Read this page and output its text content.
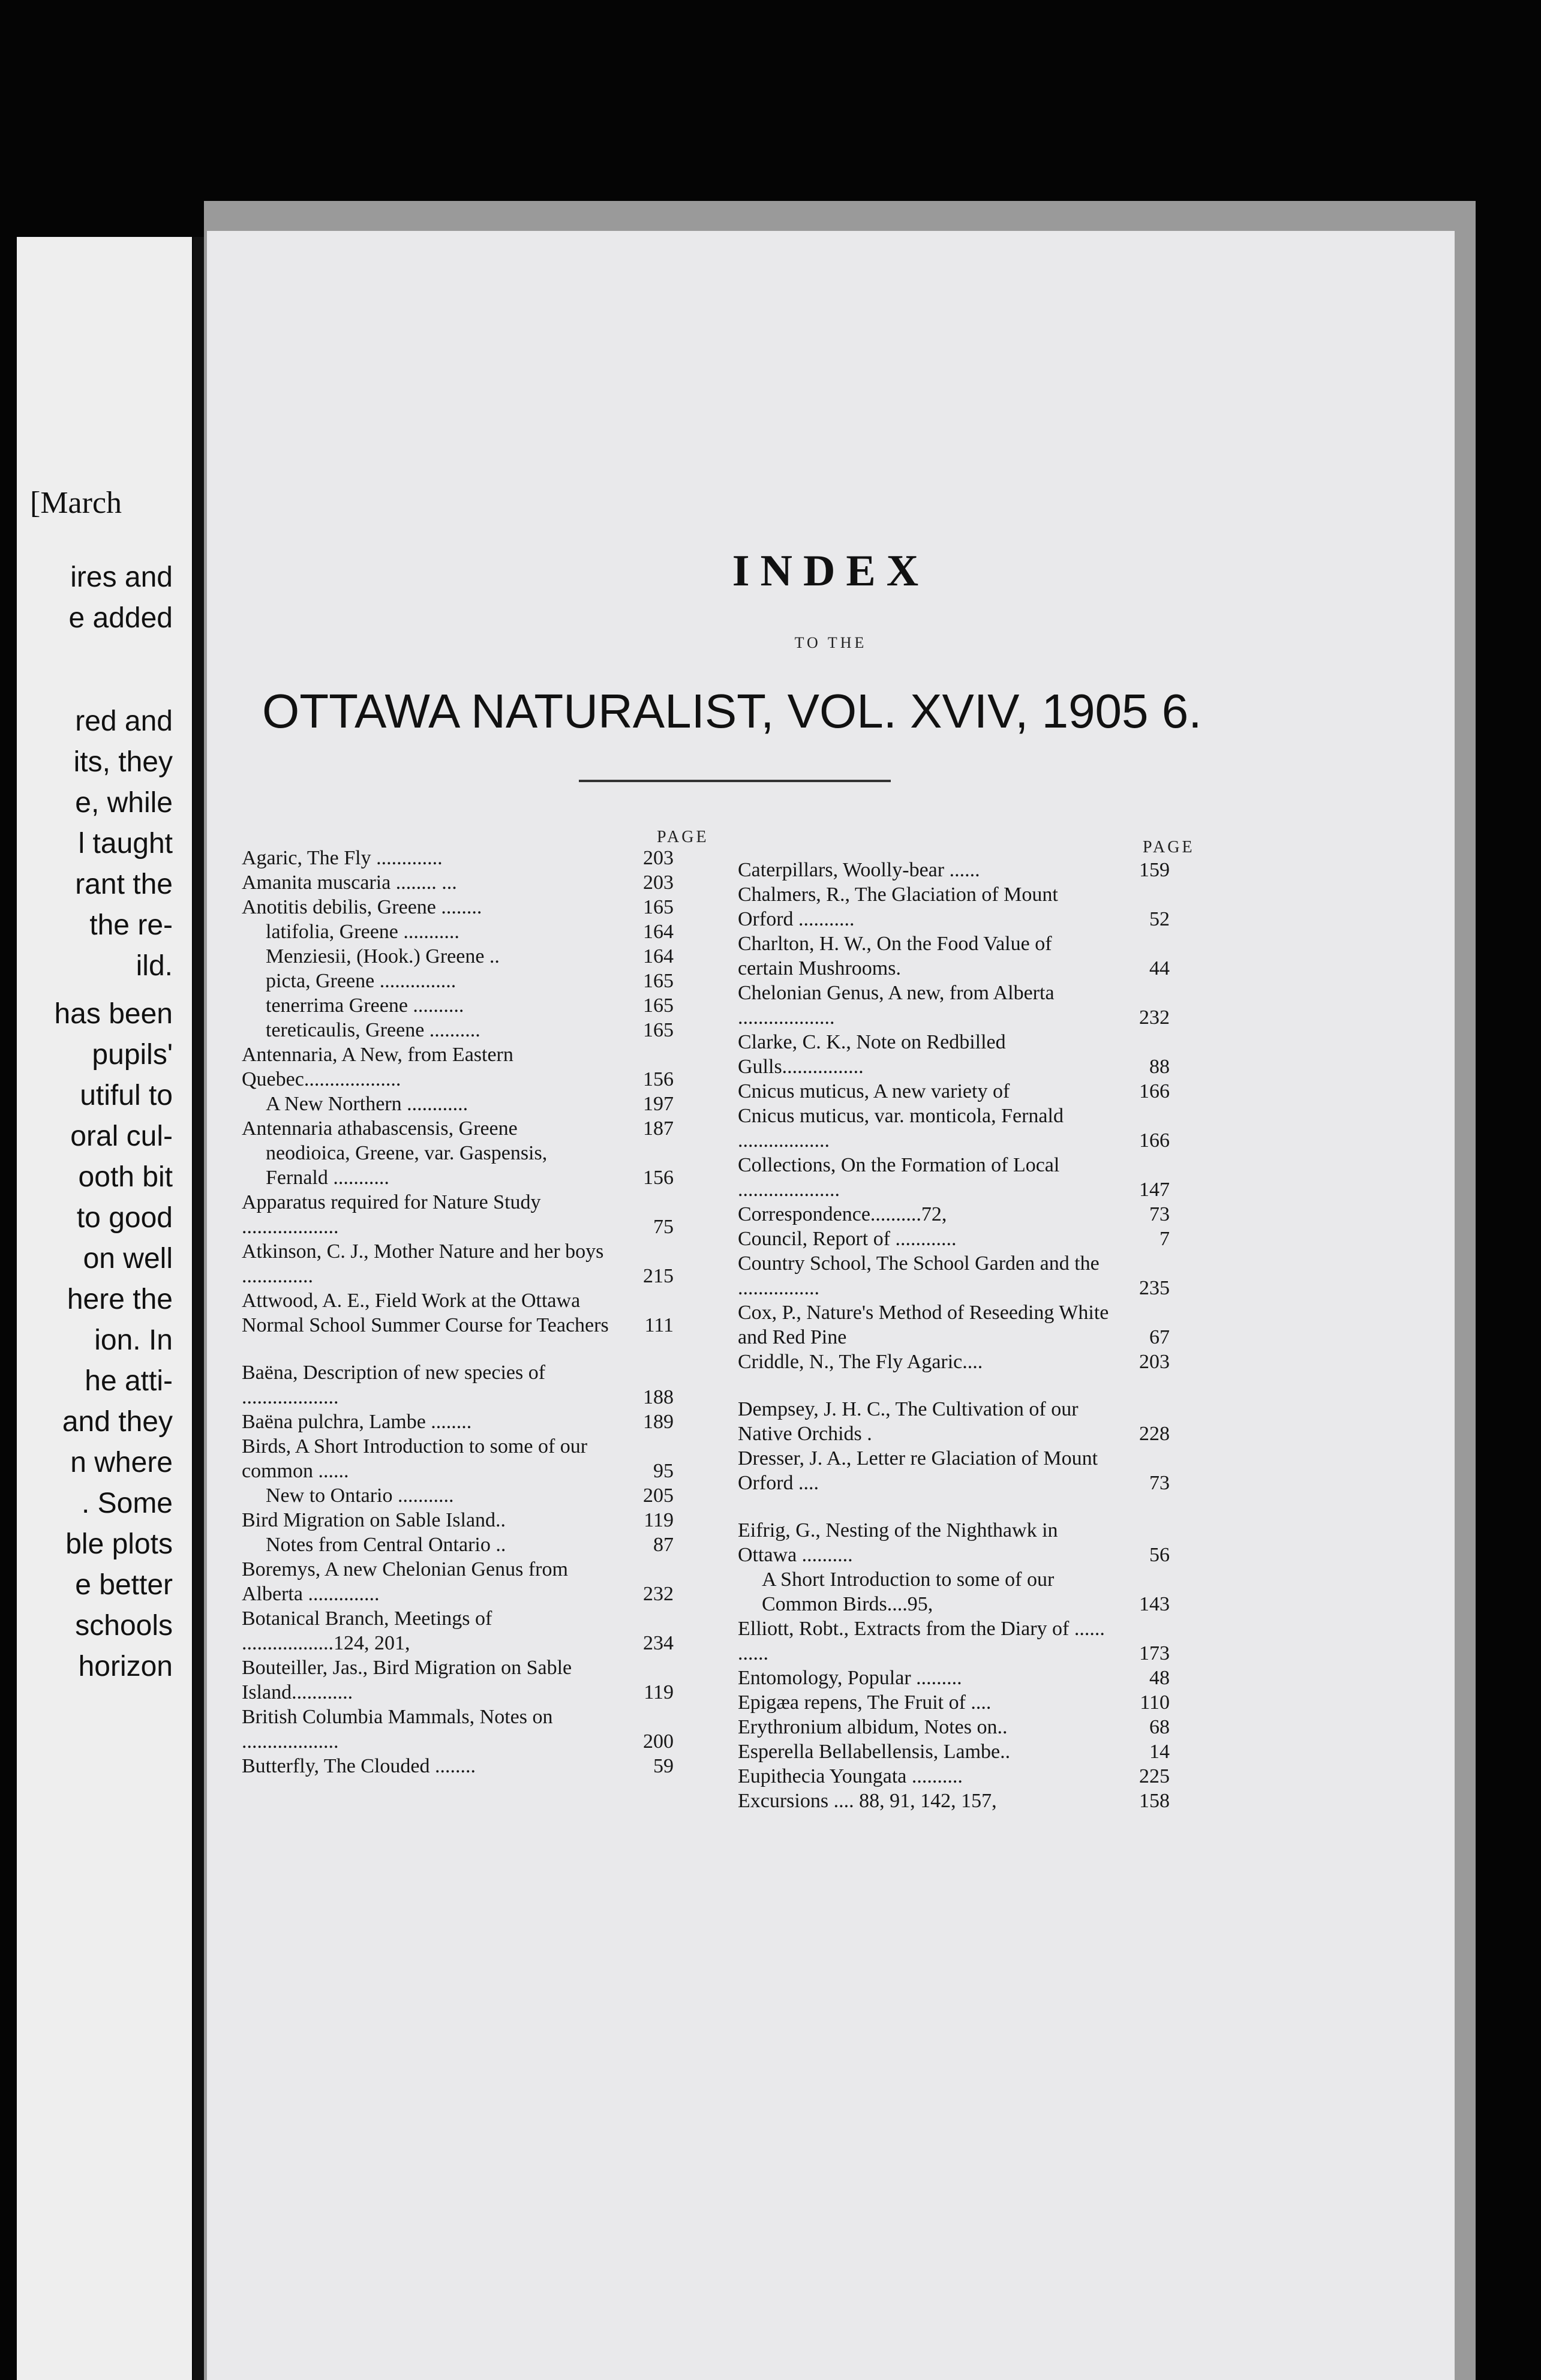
[March
ires and
e added
red and
its, they
e, while
l taught
rant the
the re-
ild.
has been
pupils'
utiful to
oral cul-
ooth bit
to good
on well
here the
ion. In
he atti-
and they
n where
. Some
ble plots
e better
schools
horizon
INDEX
TO THE
OTTAWA NATURALIST, VOL. XVIV, 1905 6.
PAGE
PAGE
Agaric, The Fly .............	203
Amanita muscaria ........ ...	203
Anotitis debilis, Greene ........	165
latifolia, Greene ...........	164
Menziesii, (Hook.) Greene ..	164
picta, Greene ...............	165
tenerrima Greene ..........	165
tereticaulis, Greene ..........	165
Antennaria, A New, from Eastern Quebec...................	156
A New Northern ............	197
Antennaria athabascensis, Greene	187
neodioica, Greene, var. Gaspensis, Fernald ...........	156
Apparatus required for Nature Study ...................	75
Atkinson, C. J., Mother Nature and her boys ..............	215
Attwood, A. E., Field Work at the Ottawa Normal School Summer Course for Teachers	111
Baëna, Description of new species of ...................	188
Baëna pulchra, Lambe ........	189
Birds, A Short Introduction to some of our common ......	95
New to Ontario ...........	205
Bird Migration on Sable Island..	119
Notes from Central Ontario ..	87
Boremys, A new Chelonian Genus from Alberta ..............	232
Botanical Branch, Meetings of ..................124, 201,	234
Bouteiller, Jas., Bird Migration on Sable Island............	119
British Columbia Mammals, Notes on ...................	200
Butterfly, The Clouded ........	59
Caterpillars, Woolly-bear ......	159
Chalmers, R., The Glaciation of Mount Orford ...........	52
Charlton, H. W., On the Food Value of certain Mushrooms.	44
Chelonian Genus, A new, from Alberta ...................	232
Clarke, C. K., Note on Redbilled Gulls................	88
Cnicus muticus, A new variety of	166
Cnicus muticus, var. monticola, Fernald ..................	166
Collections, On the Formation of Local ....................	147
Correspondence..........72,	73
Council, Report of ............	7
Country School, The School Garden and the ................	235
Cox, P., Nature's Method of Reseeding White and Red Pine	67
Criddle, N., The Fly Agaric....	203
Dempsey, J. H. C., The Cultivation of our Native Orchids .	228
Dresser, J. A., Letter re Glaciation of Mount Orford ....	73
Eifrig, G., Nesting of the Nighthawk in Ottawa ..........	56
A Short Introduction to some of our Common Birds....95,	143
Elliott, Robt., Extracts from the Diary of ...... ......	173
Entomology, Popular .........	48
Epigæa repens, The Fruit of ....	110
Erythronium albidum, Notes on..	68
Esperella Bellabellensis, Lambe..	14
Eupithecia Youngata ..........	225
Excursions .... 88, 91, 142, 157,	158
